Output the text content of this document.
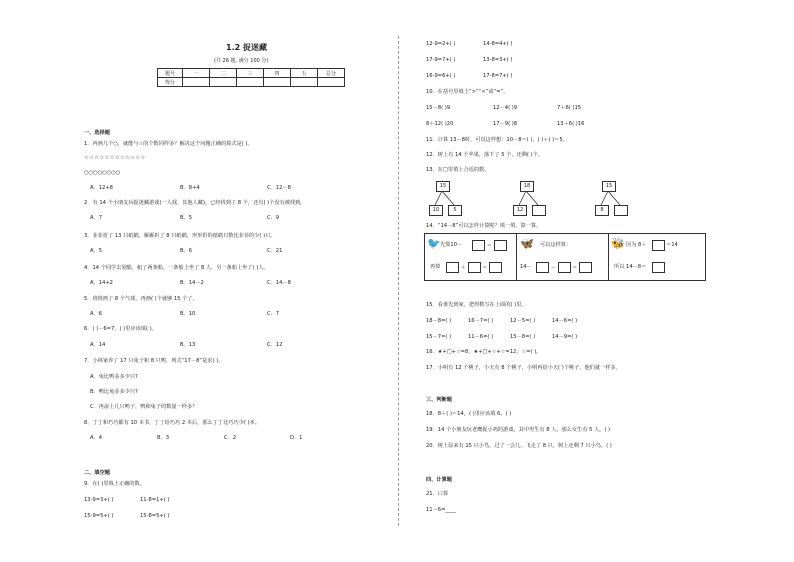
1.2 捉迷藏
(共 26 题, 满分 100 分)
题号	一	二	三	四	五	总分
得分						
一、选择题
1．再画几个○，就能与☆的个数同样多？解决这个问题正确的算式是( )。
☆☆☆☆☆☆☆☆☆☆☆☆
○○○○○○○○
A．12+8	B．8+4	C．12－8
2．有 14 个小朋友玩捉迷藏游戏(一人找，其他人藏)，已经找到了 8 个，还有( )个没有被找到。
A．7	B．5	C．9
3．菲菲折了 13 只纸鹤，雁雁折了 8 只纸鹤，形形折的纸鹤只数比菲菲的少( )只。
A．5	B．6	C．21
4．14 个同学去划船，租了两条船，一条船上坐了 8 人，另一条船上坐了( )人。
A．14+2	B．14－2	C．14－8
5．班班画了 8 个气球，再画( )个就够 15 个了。
A．6	B．10	C．7
6．( )－6=7，( )里应该填( )。
A．14	B．13	C．12
7．小林家养了 17 只兔子和 8 只鸭，列式“17－8”是求( )。
A．兔比鸭多多少只?
B．鸭比兔多多少只?
C．再添上几只鸭子，鸭和兔子的数量一样多？
8．丁丁和巧巧都有 10 本书，丁丁给巧巧 2 本后，那么丁丁比巧巧少( )本。
A．4	B．3	C．2	D．1
二、填空题
9．在( )里填上正确的数。
13-9=3+( )	11-8=1+( )
15-9=5+( )	15-8=5+( )
12-9=2+( )	14-8=4+( )
17-9=7+( )	13-8=3+( )
16-9=6+( )	17-8=7+( )
10．在括号里填上“>”“<”或“=”。
15－8( )9	12－4( )9	7＋6( )15
8＋12( )20	17－9( )8	13＋6( )16
11．计算 13－8时，可以这样想：10－8＝( )，( )＋( )＝5。
12．树上有 14 个苹果，落下了 5 个，还剩( )个。
13．在□里填上合适的数。
15
10	5
18
12
15
8
14．“14－8”可以怎样计算呢？填一填，算一算。
🐦 先算10－	＝
再算	＋	＝
🦋 可以这样算：
14－	－	＝
🐝 因为 8＋	＝14
所以 14－8＝
15．看谁先到家，把得数写在上面的( )里。
18－8=( )	16－7=( )	12－5=( )	14－6=( )
15－7=( )	11－6=( )	15－8=( )	14－9=( )
16．★+□+☆=8，★+□+☆+☆=12，☆=( )。
17．小明有 12 个桃子，小天有 8 个桃子，小明再给小天( )个桃子，他们就一样多。
三、判断题
18．8＋( )＝14，( )里应该填 6。( )
19．14 个小朋友玩老鹰捉小鸡的游戏，其中男生有 8 人，那么女生有 5 人。( )
20．树上原来有 15 只小鸟，过了一会儿，飞走了 8 只，树上还剩 7 只小鸟。( )
四、计算题
21．口算
11－6=____
